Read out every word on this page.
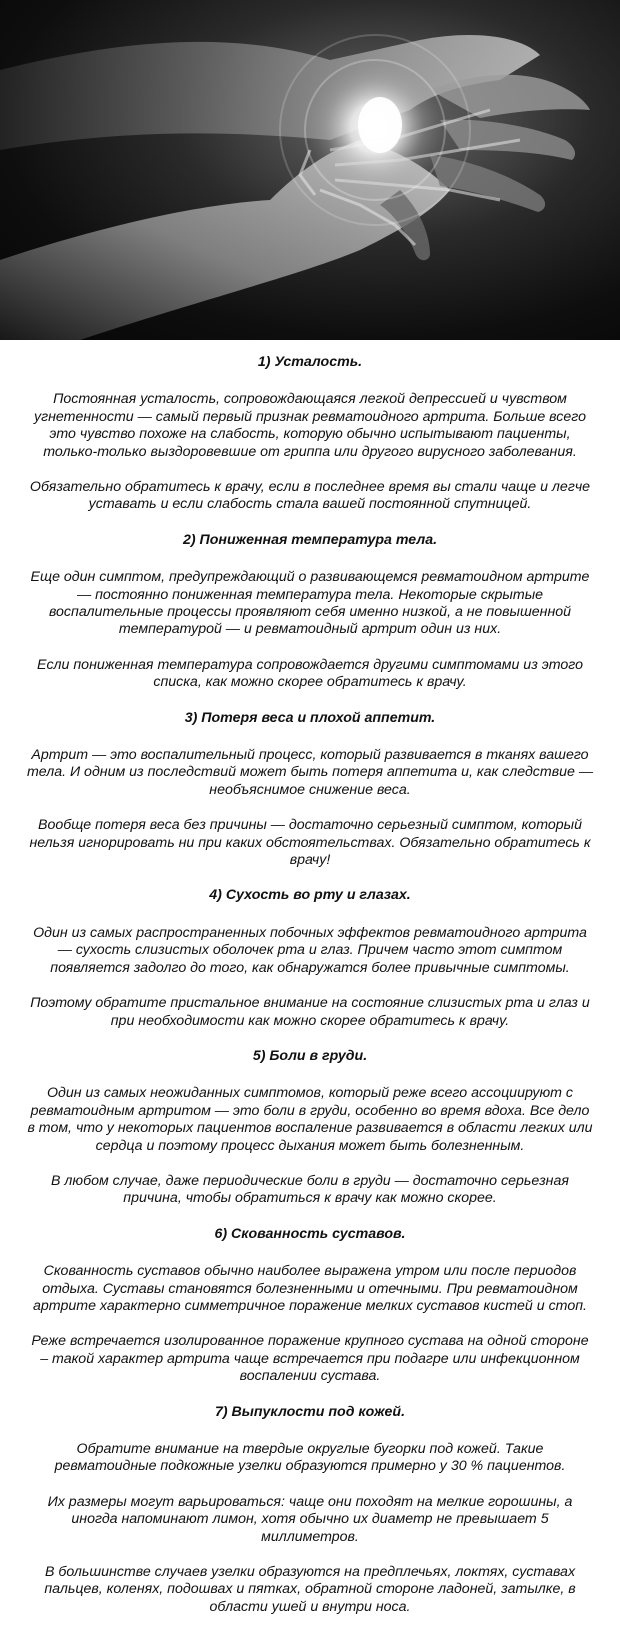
1) Усталость.

Постоянная усталость, сопровождающаяся легкой депрессией и чувством
угнетенности — самый первый признак ревматоидного артрита. Больше всего
это чувство похоже на слабость, которую обычно испытывают пациенты,
только-только выздоровевшие от гриппа или другого вирусного заболевания.

Обязательно обратитесь к врачу, если в последнее время вы стали чаще и легче
уставать и если слабость стала вашей постоянной спутницей.

2) Пониженная температура тела.

Еще один симптом, предупреждающий о развивающемся ревматоидном артрите
— постоянно пониженная температура тела. Некоторые скрытые
воспалительные процессы проявляют себя именно низкой, а не повышенной
температурой — и ревматоидный артрит один из них.

Если пониженная температура сопровождается другими симптомами из этого
списка, как можно скорее обратитесь к врачу.

3) Потеря веса и плохой аппетит.

Артрит — это воспалительный процесс, который развивается в тканях вашего
тела. И одним из последствий может быть потеря аппетита и, как следствие —
необъяснимое снижение веса.

Вообще потеря веса без причины — достаточно серьезный симптом, который
нельзя игнорировать ни при каких обстоятельствах. Обязательно обратитесь к
врачу!

4) Сухость во рту и глазах.

Один из самых распространенных побочных эффектов ревматоидного артрита
— сухость слизистых оболочек рта и глаз. Причем часто этот симптом
появляется задолго до того, как обнаружатся более привычные симптомы.

Поэтому обратите пристальное внимание на состояние слизистых рта и глаз и
при необходимости как можно скорее обратитесь к врачу.

5) Боли в груди.

Один из самых неожиданных симптомов, который реже всего ассоциируют с
ревматоидным артритом — это боли в груди, особенно во время вдоха. Все дело
в том, что у некоторых пациентов воспаление развивается в области легких или
сердца и поэтому процесс дыхания может быть болезненным.

В любом случае, даже периодические боли в груди — достаточно серьезная
причина, чтобы обратиться к врачу как можно скорее.

6) Скованность суставов.

Скованность суставов обычно наиболее выражена утром или после периодов
отдыха. Суставы становятся болезненными и отечными. При ревматоидном
артрите характерно симметричное поражение мелких суставов кистей и стоп.

Реже встречается изолированное поражение крупного сустава на одной стороне
– такой характер артрита чаще встречается при подагре или инфекционном
воспалении сустава.

7) Выпуклости под кожей.

Обратите внимание на твердые округлые бугорки под кожей. Такие
ревматоидные подкожные узелки образуются примерно у 30 % пациентов.

Их размеры могут варьироваться: чаще они походят на мелкие горошины, а
иногда напоминают лимон, хотя обычно их диаметр не превышает 5
миллиметров.

В большинстве случаев узелки образуются на предплечьях, локтях, суставах
пальцев, коленях, подошвах и пятках, обратной стороне ладоней, затылке, в
области ушей и внутри носа.
